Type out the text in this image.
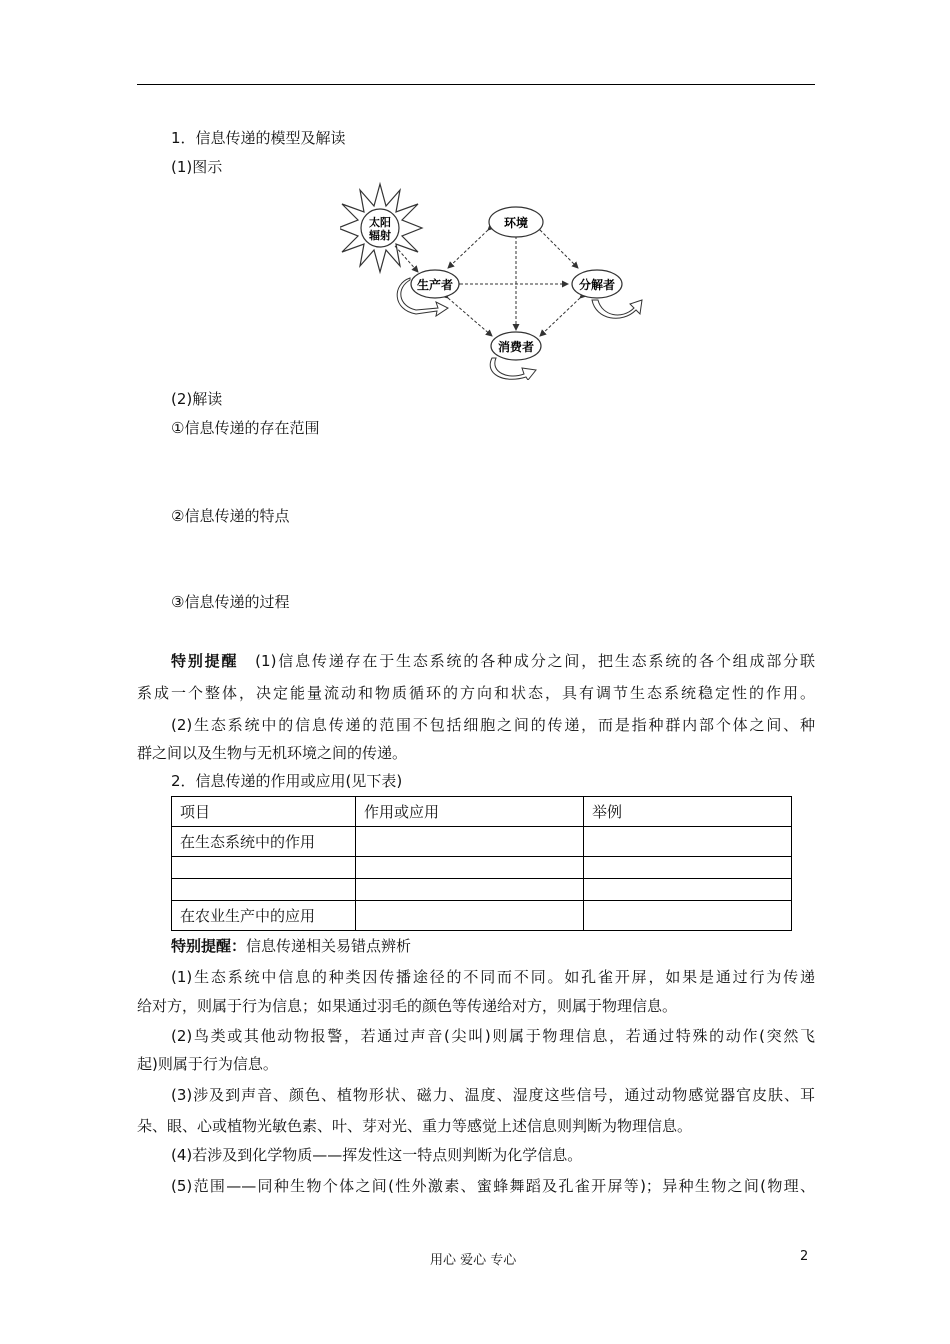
1．信息传递的模型及解读
(1)图示
太阳
辐射
环境
生产者	分解者
消费者
(2)解读
①信息传递的存在范围
②信息传递的特点
③信息传递的过程
特别提醒　 (1)信息传递存在于生态系统的各种成分之间，把生态系统的各个组成部分联
系成一个整体，决定能量流动和物质循环的方向和状态，具有调节生态系统稳定性的作用。
(2)生态系统中的信息传递的范围不包括细胞之间的传递，而是指种群内部个体之间、种
群之间以及生物与无机环境之间的传递。
2．信息传递的作用或应用(见下表)
项目	作用或应用	举例
在生态系统中的作用		

在农业生产中的应用		
特别提醒：信息传递相关易错点辨析
(1)生态系统中信息的种类因传播途径的不同而不同。如孔雀开屏，如果是通过行为传递
给对方，则属于行为信息；如果通过羽毛的颜色等传递给对方，则属于物理信息。
(2)鸟类或其他动物报警，若通过声音(尖叫)则属于物理信息，若通过特殊的动作(突然飞
起)则属于行为信息。
(3)涉及到声音、颜色、植物形状、磁力、温度、湿度这些信号，通过动物感觉器官皮肤、耳
朵、眼、心或植物光敏色素、叶、芽对光、重力等感觉上述信息则判断为物理信息。
(4)若涉及到化学物质——挥发性这一特点则判断为化学信息。
(5)范围——同种生物个体之间(性外激素、蜜蜂舞蹈及孔雀开屏等)；异种生物之间(物理、
用心 爱心 专心	2
